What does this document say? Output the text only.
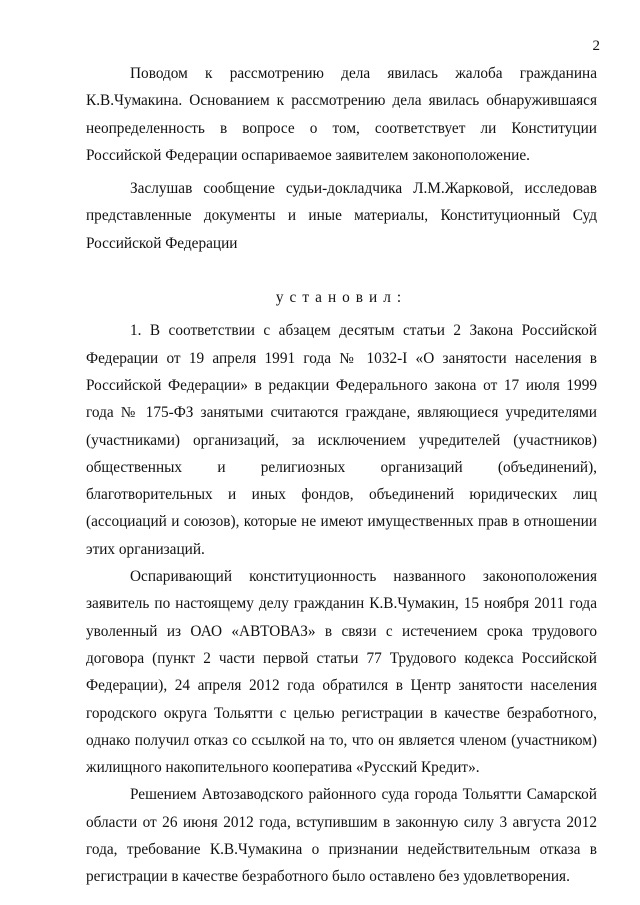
2

Поводом к рассмотрению дела явилась жалоба гражданина К.В.Чумакина. Основанием к рассмотрению дела явилась обнаружившаяся неопределенность в вопросе о том, соответствует ли Конституции Российской Федерации оспариваемое заявителем законоположение.

Заслушав сообщение судьи-докладчика Л.М.Жарковой, исследовав представленные документы и иные материалы, Конституционный Суд Российской Федерации

установил:

1. В соответствии с абзацем десятым статьи 2 Закона Российской Федерации от 19 апреля 1991 года № 1032-I «О занятости населения в Российской Федерации» в редакции Федерального закона от 17 июля 1999 года № 175-ФЗ занятыми считаются граждане, являющиеся учредителями (участниками) организаций, за исключением учредителей (участников) общественных и религиозных организаций (объединений), благотворительных и иных фондов, объединений юридических лиц (ассоциаций и союзов), которые не имеют имущественных прав в отношении этих организаций.

Оспаривающий конституционность названного законоположения заявитель по настоящему делу гражданин К.В.Чумакин, 15 ноября 2011 года уволенный из ОАО «АВТОВАЗ» в связи с истечением срока трудового договора (пункт 2 части первой статьи 77 Трудового кодекса Российской Федерации), 24 апреля 2012 года обратился в Центр занятости населения городского округа Тольятти с целью регистрации в качестве безработного, однако получил отказ со ссылкой на то, что он является членом (участником) жилищного накопительного кооператива «Русский Кредит».

Решением Автозаводского районного суда города Тольятти Самарской области от 26 июня 2012 года, вступившим в законную силу 3 августа 2012 года, требование К.В.Чумакина о признании недействительным отказа в регистрации в качестве безработного было оставлено без удовлетворения.
